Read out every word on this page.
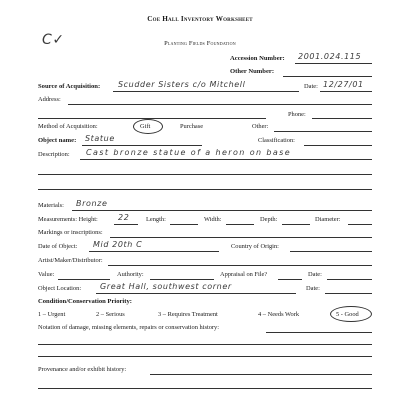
C✓
Coe Hall Inventory Worksheet
Planting Fields Foundation
Accession Number: 2001.024.115
Other Number:
Source of Acquisition: Scudder Sisters c/o Mitchell	Date: 12/27/01
Address:
Phone:
Method of Acquisition:	Gift	Purchase	Other:
Object name: Statue	Classification:
Description: Cast bronze statue of a heron on base
Materials: Bronze
Measurements: Height:	22	Length:	Width:	Depth:	Diameter:
Markings or inscriptions:
Date of Object: Mid 20th C	Country of Origin:
Artist/Maker/Distributor:
Value:	Authority:	Appraisal on File?	Date:
Object Location: Great Hall, southwest corner	Date:
Condition/Conservation Priority:
1 – Urgent	2 – Serious	3 – Requires Treatment	4 – Needs Work	5 - Good
Notation of damage, missing elements, repairs or conservation history:
Provenance and/or exhibit history:
